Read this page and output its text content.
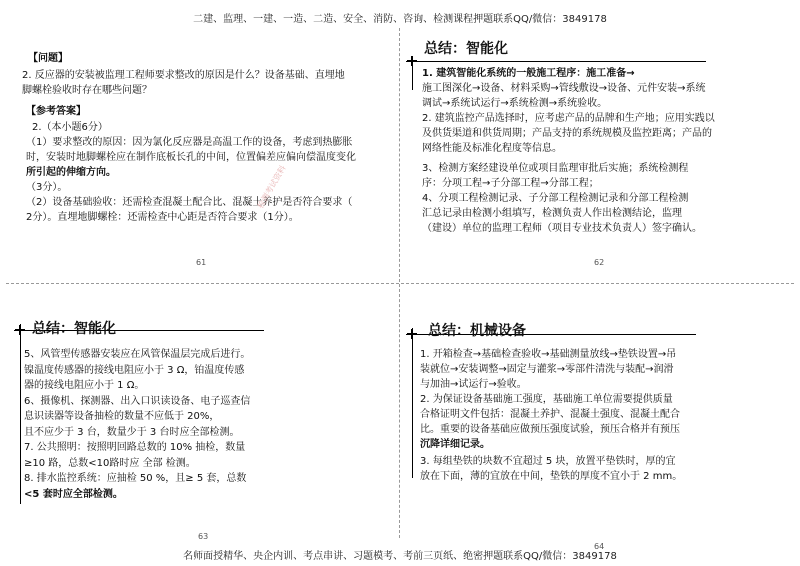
二建、监理、一建、一造、二造、安全、消防、咨询、检测课程押题联系QQ/微信：3849178
【问题】
2. 反应器的安装被监理工程师要求整改的原因是什么？设备基础、直埋地
脚螺栓验收时存在哪些问题？
【参考答案】
2.（本小题6分）
（1）要求整改的原因：因为氯化反应器是高温工作的设备，考虑到热膨胀
时，安装时地脚螺栓应在制作底板长孔的中间，位置偏差应偏向偿温度变化
所引起的伸缩方向。
（3分）。
（2）设备基础验收：还需检查混凝土配合比、混凝土养护是否符合要求（
2分）。直埋地脚螺栓：还需检查中心距是否符合要求（1分）。
61
检测考试资料
总结：智能化
1. 建筑智能化系统的一般施工程序：施工准备→
施工图深化→设备、材料采购→管线敷设→设备、元件安装→系统
调试→系统试运行→系统检测→系统验收。
2. 建筑监控产品选择时，应考虑产品的品牌和生产地；应用实践以
及供货渠道和供货周期；产品支持的系统规模及监控距离；产品的
网络性能及标准化程度等信息。
3、检测方案经建设单位或项目监理审批后实施；系统检测程
序：分项工程→子分部工程→分部工程；
4、分项工程检测记录、子分部工程检测记录和分部工程检测
汇总记录由检测小组填写，检测负责人作出检测结论，监理
（建设）单位的监理工程师（项目专业技术负责人）签字确认。
62
总结：智能化
5、风管型传感器安装应在风管保温层完成后进行。
镍温度传感器的接线电阻应小于 3 Ω，铂温度传感
器的接线电阻应小于 1 Ω。
6、摄像机、探测器、出入口识读设备、电子巡查信
息识读器等设备抽检的数量不应低于 20%，
且不应少于 3 台，数量少于 3 台时应全部检测。
7. 公共照明：按照明回路总数的 10% 抽检，数量
≥10 路，总数<10路时应 全部 检测。
8. 排水监控系统：应抽检 50 %，且≥ 5 套，总数
<5 套时应全部检测。
63
总结：机械设备
1. 开箱检查→基础检查验收→基础测量放线→垫铁设置→吊
装就位→安装调整→固定与灌浆→零部件清洗与装配→润滑
与加油→试运行→验收。
2. 为保证设备基础施工强度，基础施工单位需要提供质量
合格证明文件包括：混凝土养护、混凝土强度、混凝土配合
比。重要的设备基础应做预压强度试验，预压合格并有预压
沉降详细记录。
3. 每组垫铁的块数不宜超过 5 块，放置平垫铁时，厚的宜
放在下面，薄的宜放在中间，垫铁的厚度不宜小于 2 mm。
64
名师面授精华、央企内训、考点串讲、习题模考、考前三页纸、绝密押题联系QQ/微信：3849178
